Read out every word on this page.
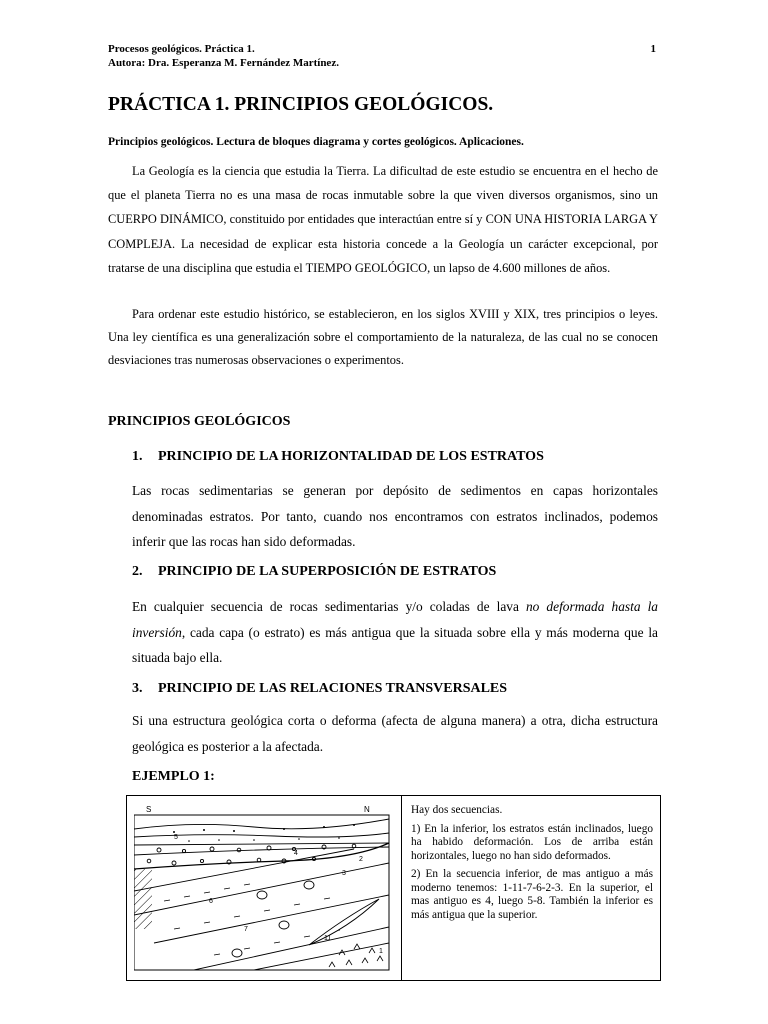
Procesos geológicos. Práctica 1.
Autora: Dra. Esperanza M. Fernández Martínez.
1
PRÁCTICA 1. PRINCIPIOS GEOLÓGICOS.
Principios geológicos. Lectura de bloques diagrama y cortes geológicos. Aplicaciones.

La Geología es la ciencia que estudia la Tierra. La dificultad de este estudio se encuentra en el hecho de que el planeta Tierra no es una masa de rocas inmutable sobre la que viven diversos organismos, sino un CUERPO DINÁMICO, constituido por entidades que interactúan entre sí y CON UNA HISTORIA LARGA Y COMPLEJA. La necesidad de explicar esta historia concede a la Geología un carácter excepcional, por tratarse de una disciplina que estudia el TIEMPO GEOLÓGICO, un lapso de 4.600 millones de años.

Para ordenar este estudio histórico, se establecieron, en los siglos XVIII y XIX, tres principios o leyes. Una ley científica es una generalización sobre el comportamiento de la naturaleza, de las cual no se conocen desviaciones tras numerosas observaciones o experimentos.

PRINCIPIOS GEOLÓGICOS
1. PRINCIPIO DE LA HORIZONTALIDAD DE LOS ESTRATOS

Las rocas sedimentarias se generan por depósito de sedimentos en capas horizontales denominadas estratos. Por tanto, cuando nos encontramos con estratos inclinados, podemos inferir que las rocas han sido deformadas.

2. PRINCIPIO DE LA SUPERPOSICIÓN DE ESTRATOS

En cualquier secuencia de rocas sedimentarias y/o coladas de lava no deformada hasta la inversión, cada capa (o estrato) es más antigua que la situada sobre ella y más moderna que la situada bajo ella.

3. PRINCIPIO DE LAS RELACIONES TRANSVERSALES

Si una estructura geológica corta o deforma (afecta de alguna manera) a otra, dicha estructura geológica es posterior a la afectada.

EJEMPLO 1:
S	N
4
3
6
7
11
2
5
1

Hay dos secuencias.

1) En la inferior, los estratos están inclinados, luego ha habido deformación. Los de arriba están horizontales, luego no han sido deformados.

2) En la secuencia inferior, de mas antiguo a más moderno tenemos: 1-11-7-6-2-3. En la superior, el mas antiguo es 4, luego 5-8. También la inferior es más antigua que la superior.
